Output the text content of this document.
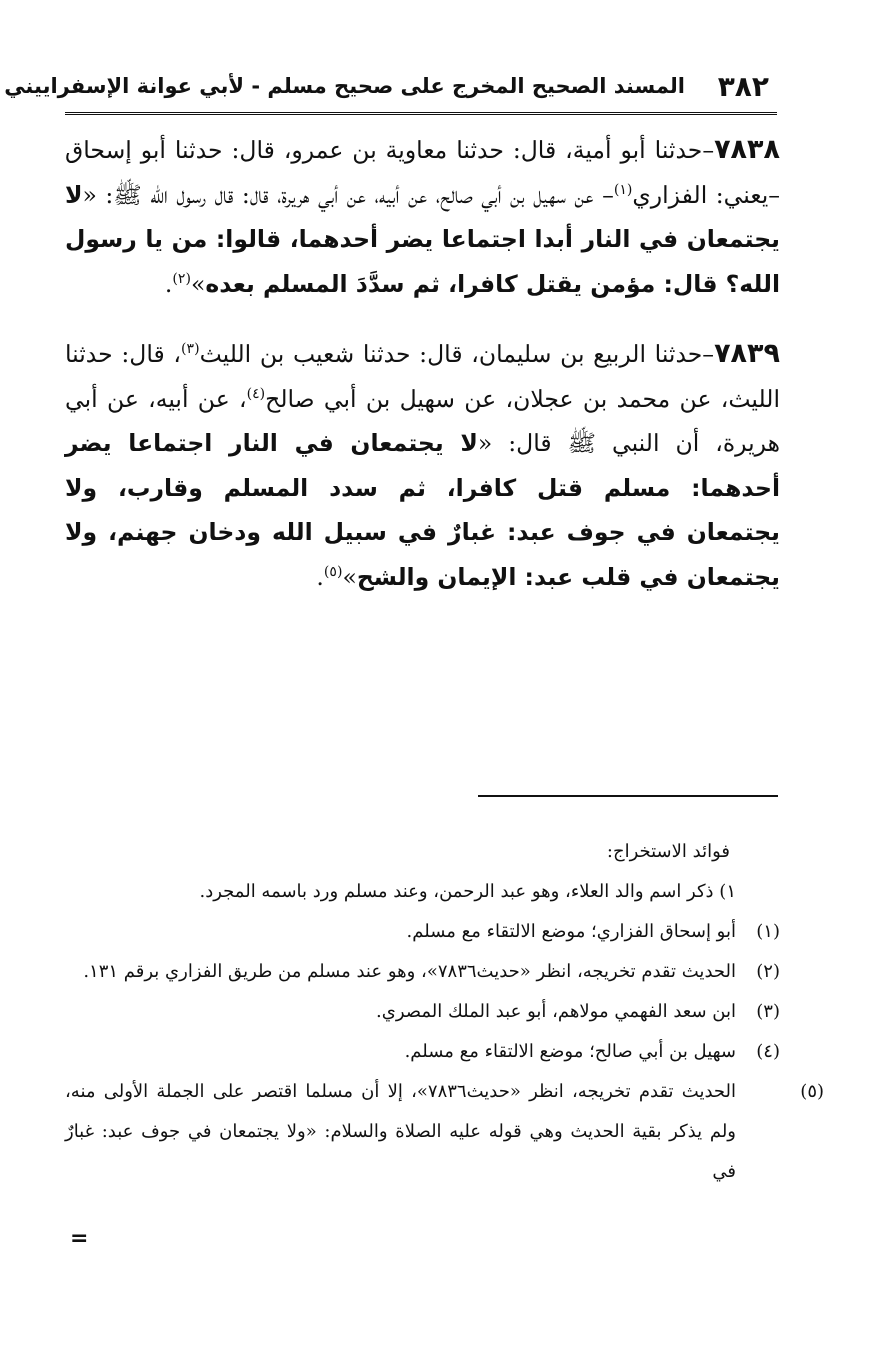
٣٨٢
المسند الصحيح المخرج على صحيح مسلم - لأبي عوانة الإسفراييني

٧٨٣٨–حدثنا أبو أمية، قال: حدثنا معاوية بن عمرو، قال: حدثنا أبو إسحاق –يعني: الفزاري$^{(١)}$– عن سهيل بن أبي صالح، عن أبيه، عن أبي هريرة، قال: قال رسول الله ﷺ: «لا يجتمعان في النار أبدا اجتماعا يضر أحدهما، قالوا: من يا رسول الله؟ قال: مؤمن يقتل كافرا، ثم سدَّدَ المسلم بعده»$^{(٢)}$.

٧٨٣٩–حدثنا الربيع بن سليمان، قال: حدثنا شعيب بن الليث$^{(٣)}$، قال: حدثنا الليث، عن محمد بن عجلان، عن سهيل بن أبي صالح$^{(٤)}$، عن أبيه، عن أبي هريرة، أن النبي ﷺ قال: «لا يجتمعان في النار اجتماعا يضر أحدهما: مسلم قتل كافرا، ثم سدد المسلم وقارب، ولا يجتمعان في جوف عبد: غبارٌ في سبيل الله ودخان جهنم، ولا يجتمعان في قلب عبد: الإيمان والشح»$^{(٥)}$.

فوائد الاستخراج:
١) ذكر اسم والد العلاء، وهو عبد الرحمن، وعند مسلم ورد باسمه المجرد.
(١)أبو إسحاق الفزاري؛ موضع الالتقاء مع مسلم.
(٢)الحديث تقدم تخريجه، انظر «حديث٧٨٣٦»، وهو عند مسلم من طريق الفزاري برقم ١٣١.
(٣)ابن سعد الفهمي مولاهم، أبو عبد الملك المصري.
(٤)سهيل بن أبي صالح؛ موضع الالتقاء مع مسلم.
(٥)الحديث تقدم تخريجه، انظر «حديث٧٨٣٦»، إلا أن مسلما اقتصر على الجملة الأولى منه، ولم يذكر بقية الحديث وهي قوله عليه الصلاة والسلام: «ولا يجتمعان في جوف عبد: غبارٌ في
=
